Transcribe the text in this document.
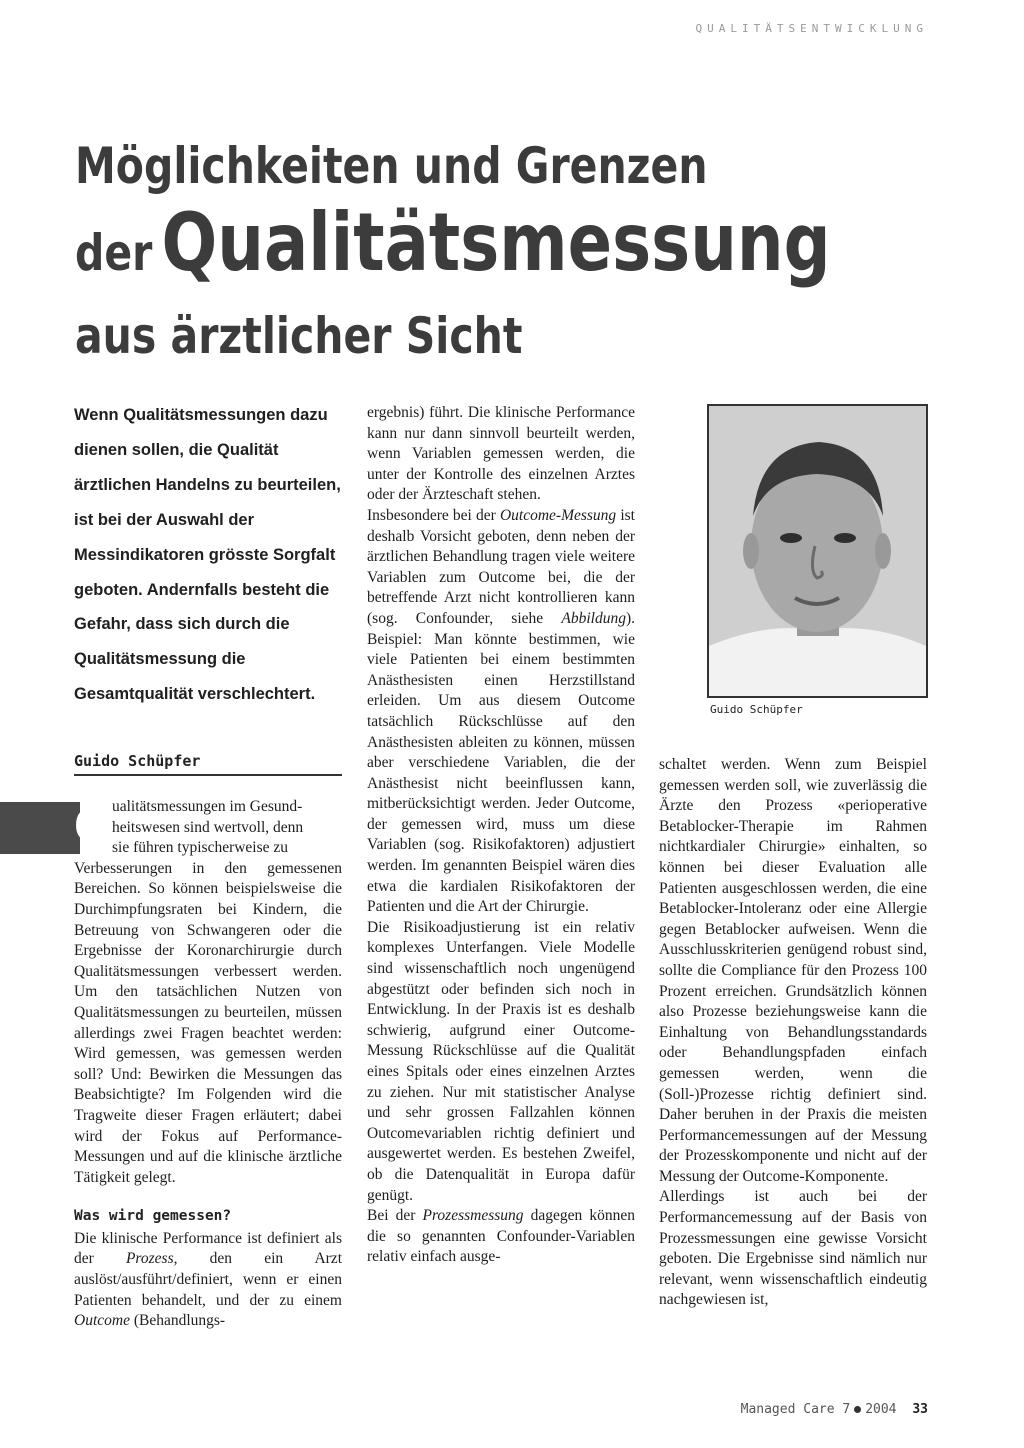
QUALITÄTSENTWICKLUNG
Möglichkeiten und Grenzen
der Qualitätsmessung
aus ärztlicher Sicht

Wenn Qualitätsmessungen dazu dienen sollen, die Qualität ärztlichen Handelns zu beurteilen, ist bei der Auswahl der Messindikatoren grösste Sorgfalt geboten. Andernfalls besteht die Gefahr, dass sich durch die Qualitätsmessung die Gesamtqualität verschlechtert.

Guido Schüpfer
Q ualitätsmessungen im Gesund-
heitswesen sind wertvoll, denn
sie führen typischerweise zu
Verbesserungen in den gemessenen Bereichen. So können beispielsweise die Durchimpfungsraten bei Kindern, die Betreuung von Schwangeren oder die Ergebnisse der Koronarchirurgie durch Qualitätsmessungen verbessert werden. Um den tatsächlichen Nutzen von Qualitätsmessungen zu beurteilen, müssen allerdings zwei Fragen beachtet werden: Wird gemessen, was gemessen werden soll? Und: Bewirken die Messungen das Beabsichtigte? Im Folgenden wird die Tragweite dieser Fragen erläutert; dabei wird der Fokus auf Performance-Messungen und auf die klinische ärztliche Tätigkeit gelegt.

Was wird gemessen?

Die klinische Performance ist definiert als der Prozess, den ein Arzt auslöst/ausführt/definiert, wenn er einen Patienten behandelt, und der zu einem Outcome (Behandlungs-

ergebnis) führt. Die klinische Performance kann nur dann sinnvoll beurteilt werden, wenn Variablen gemessen werden, die unter der Kontrolle des einzelnen Arztes oder der Ärzteschaft stehen.

Insbesondere bei der Outcome-Messung ist deshalb Vorsicht geboten, denn neben der ärztlichen Behandlung tragen viele weitere Variablen zum Outcome bei, die der betreffende Arzt nicht kontrollieren kann (sog. Confounder, siehe Abbildung). Beispiel: Man könnte bestimmen, wie viele Patienten bei einem bestimmten Anästhesisten einen Herzstillstand erleiden. Um aus diesem Outcome tatsächlich Rückschlüsse auf den Anästhesisten ableiten zu können, müssen aber verschiedene Variablen, die der Anästhesist nicht beeinflussen kann, mitberücksichtigt werden. Jeder Outcome, der gemessen wird, muss um diese Variablen (sog. Risikofaktoren) adjustiert werden. Im genannten Beispiel wären dies etwa die kardialen Risikofaktoren der Patienten und die Art der Chirurgie.

Die Risikoadjustierung ist ein relativ komplexes Unterfangen. Viele Modelle sind wissenschaftlich noch ungenügend abgestützt oder befinden sich noch in Entwicklung. In der Praxis ist es deshalb schwierig, aufgrund einer Outcome-Messung Rückschlüsse auf die Qualität eines Spitals oder eines einzelnen Arztes zu ziehen. Nur mit statistischer Analyse und sehr grossen Fallzahlen können Outcomevariablen richtig definiert und ausgewertet werden. Es bestehen Zweifel, ob die Datenqualität in Europa dafür genügt.

Bei der Prozessmessung dagegen können die so genannten Confounder-Variablen relativ einfach ausge-

Guido Schüpfer

schaltet werden. Wenn zum Beispiel gemessen werden soll, wie zuverlässig die Ärzte den Prozess «perioperative Betablocker-Therapie im Rahmen nichtkardialer Chirurgie» einhalten, so können bei dieser Evaluation alle Patienten ausgeschlossen werden, die eine Betablocker-Intoleranz oder eine Allergie gegen Betablocker aufweisen. Wenn die Ausschlusskriterien genügend robust sind, sollte die Compliance für den Prozess 100 Prozent erreichen. Grundsätzlich können also Prozesse beziehungsweise kann die Einhaltung von Behandlungsstandards oder Behandlungspfaden einfach gemessen werden, wenn die (Soll-)Prozesse richtig definiert sind. Daher beruhen in der Praxis die meisten Performancemessungen auf der Messung der Prozesskomponente und nicht auf der Messung der Outcome-Komponente.

Allerdings ist auch bei der Performancemessung auf der Basis von Prozessmessungen eine gewisse Vorsicht geboten. Die Ergebnisse sind nämlich nur relevant, wenn wissenschaftlich eindeutig nachgewiesen ist,

Managed Care 7 2004 33
